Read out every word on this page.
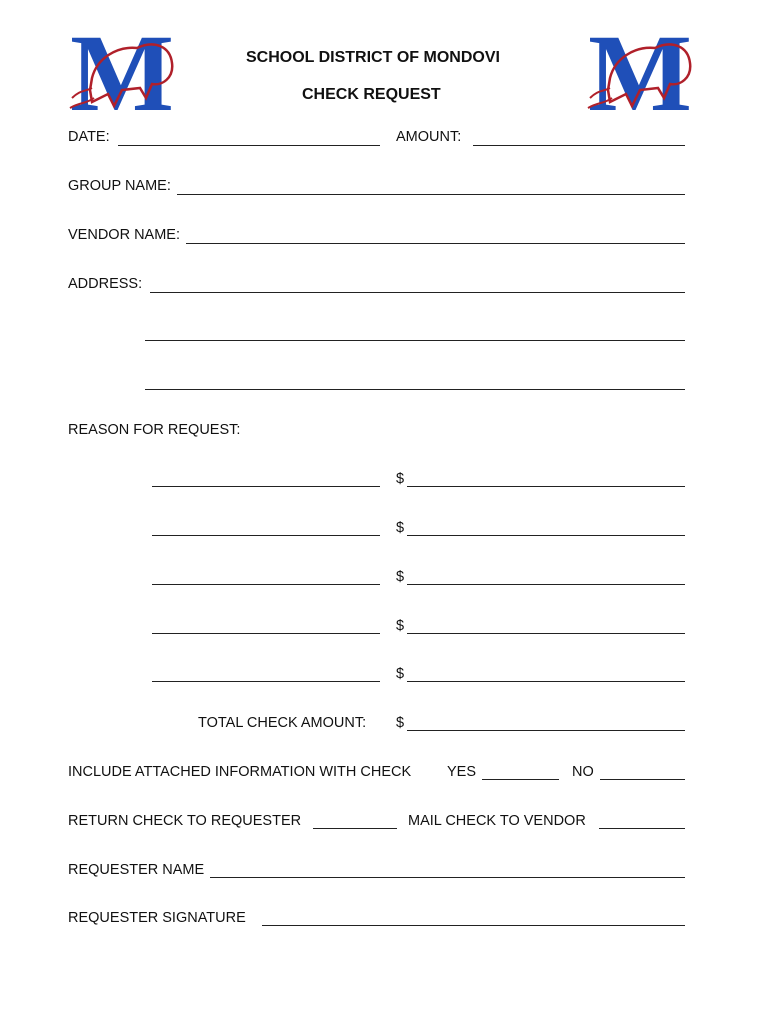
M	M
SCHOOL DISTRICT OF MONDOVI
CHECK REQUEST
DATE:	AMOUNT:
GROUP NAME:
VENDOR NAME:
ADDRESS:
REASON FOR REQUEST:
$
$
$
$
$
TOTAL CHECK AMOUNT: $
INCLUDE ATTACHED INFORMATION WITH CHECK YES	NO
RETURN CHECK TO REQUESTER	MAIL CHECK TO VENDOR
REQUESTER NAME
REQUESTER SIGNATURE
